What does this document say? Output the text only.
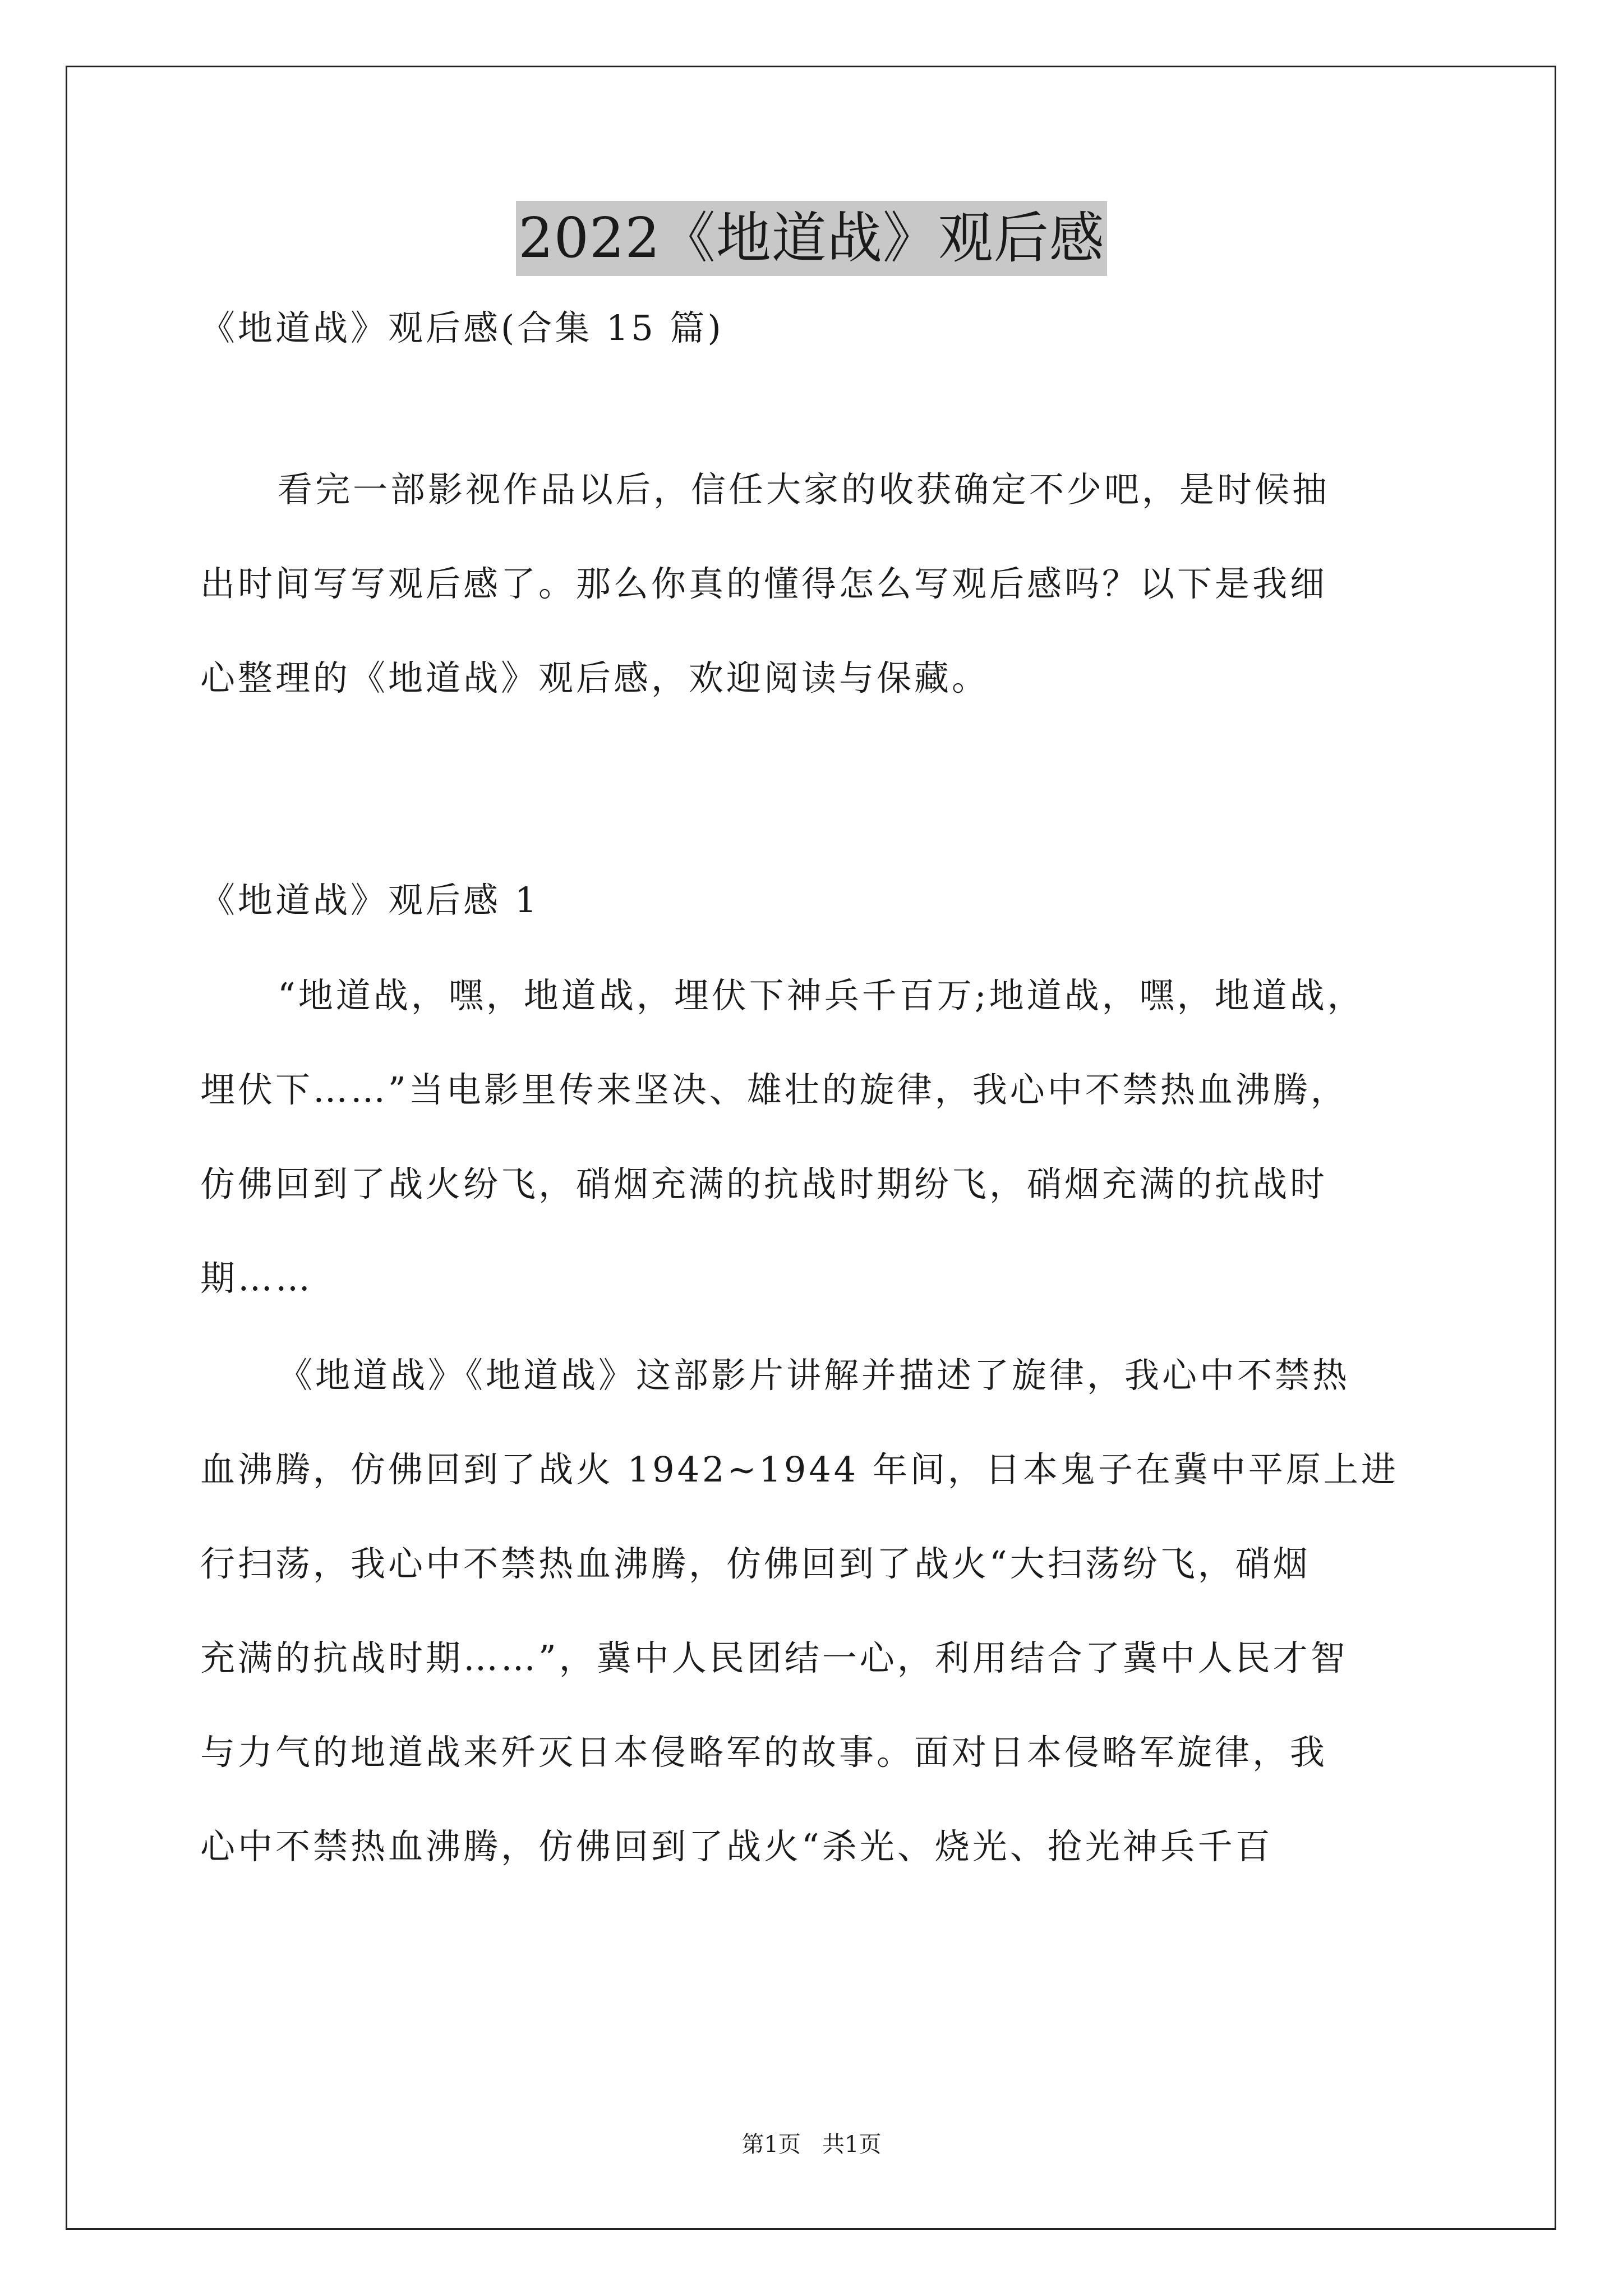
2022《地道战》观后感
《地道战》观后感(合集 15 篇)
看完一部影视作品以后，信任大家的收获确定不少吧，是时候抽
出时间写写观后感了。那么你真的懂得怎么写观后感吗？以下是我细
心整理的《地道战》观后感，欢迎阅读与保藏。
《地道战》观后感 1
“地道战，嘿，地道战，埋伏下神兵千百万;地道战，嘿，地道战，
埋伏下……”当电影里传来坚决、雄壮的旋律，我心中不禁热血沸腾，
仿佛回到了战火纷飞，硝烟充满的抗战时期纷飞，硝烟充满的抗战时
期……
《地道战》《地道战》这部影片讲解并描述了旋律，我心中不禁热
血沸腾，仿佛回到了战火 1942~1944 年间，日本鬼子在冀中平原上进
行扫荡，我心中不禁热血沸腾，仿佛回到了战火“大扫荡纷飞，硝烟
充满的抗战时期……”，冀中人民团结一心，利用结合了冀中人民才智
与力气的地道战来歼灭日本侵略军的故事。面对日本侵略军旋律，我
心中不禁热血沸腾，仿佛回到了战火“杀光、烧光、抢光神兵千百
第1页   共1页
